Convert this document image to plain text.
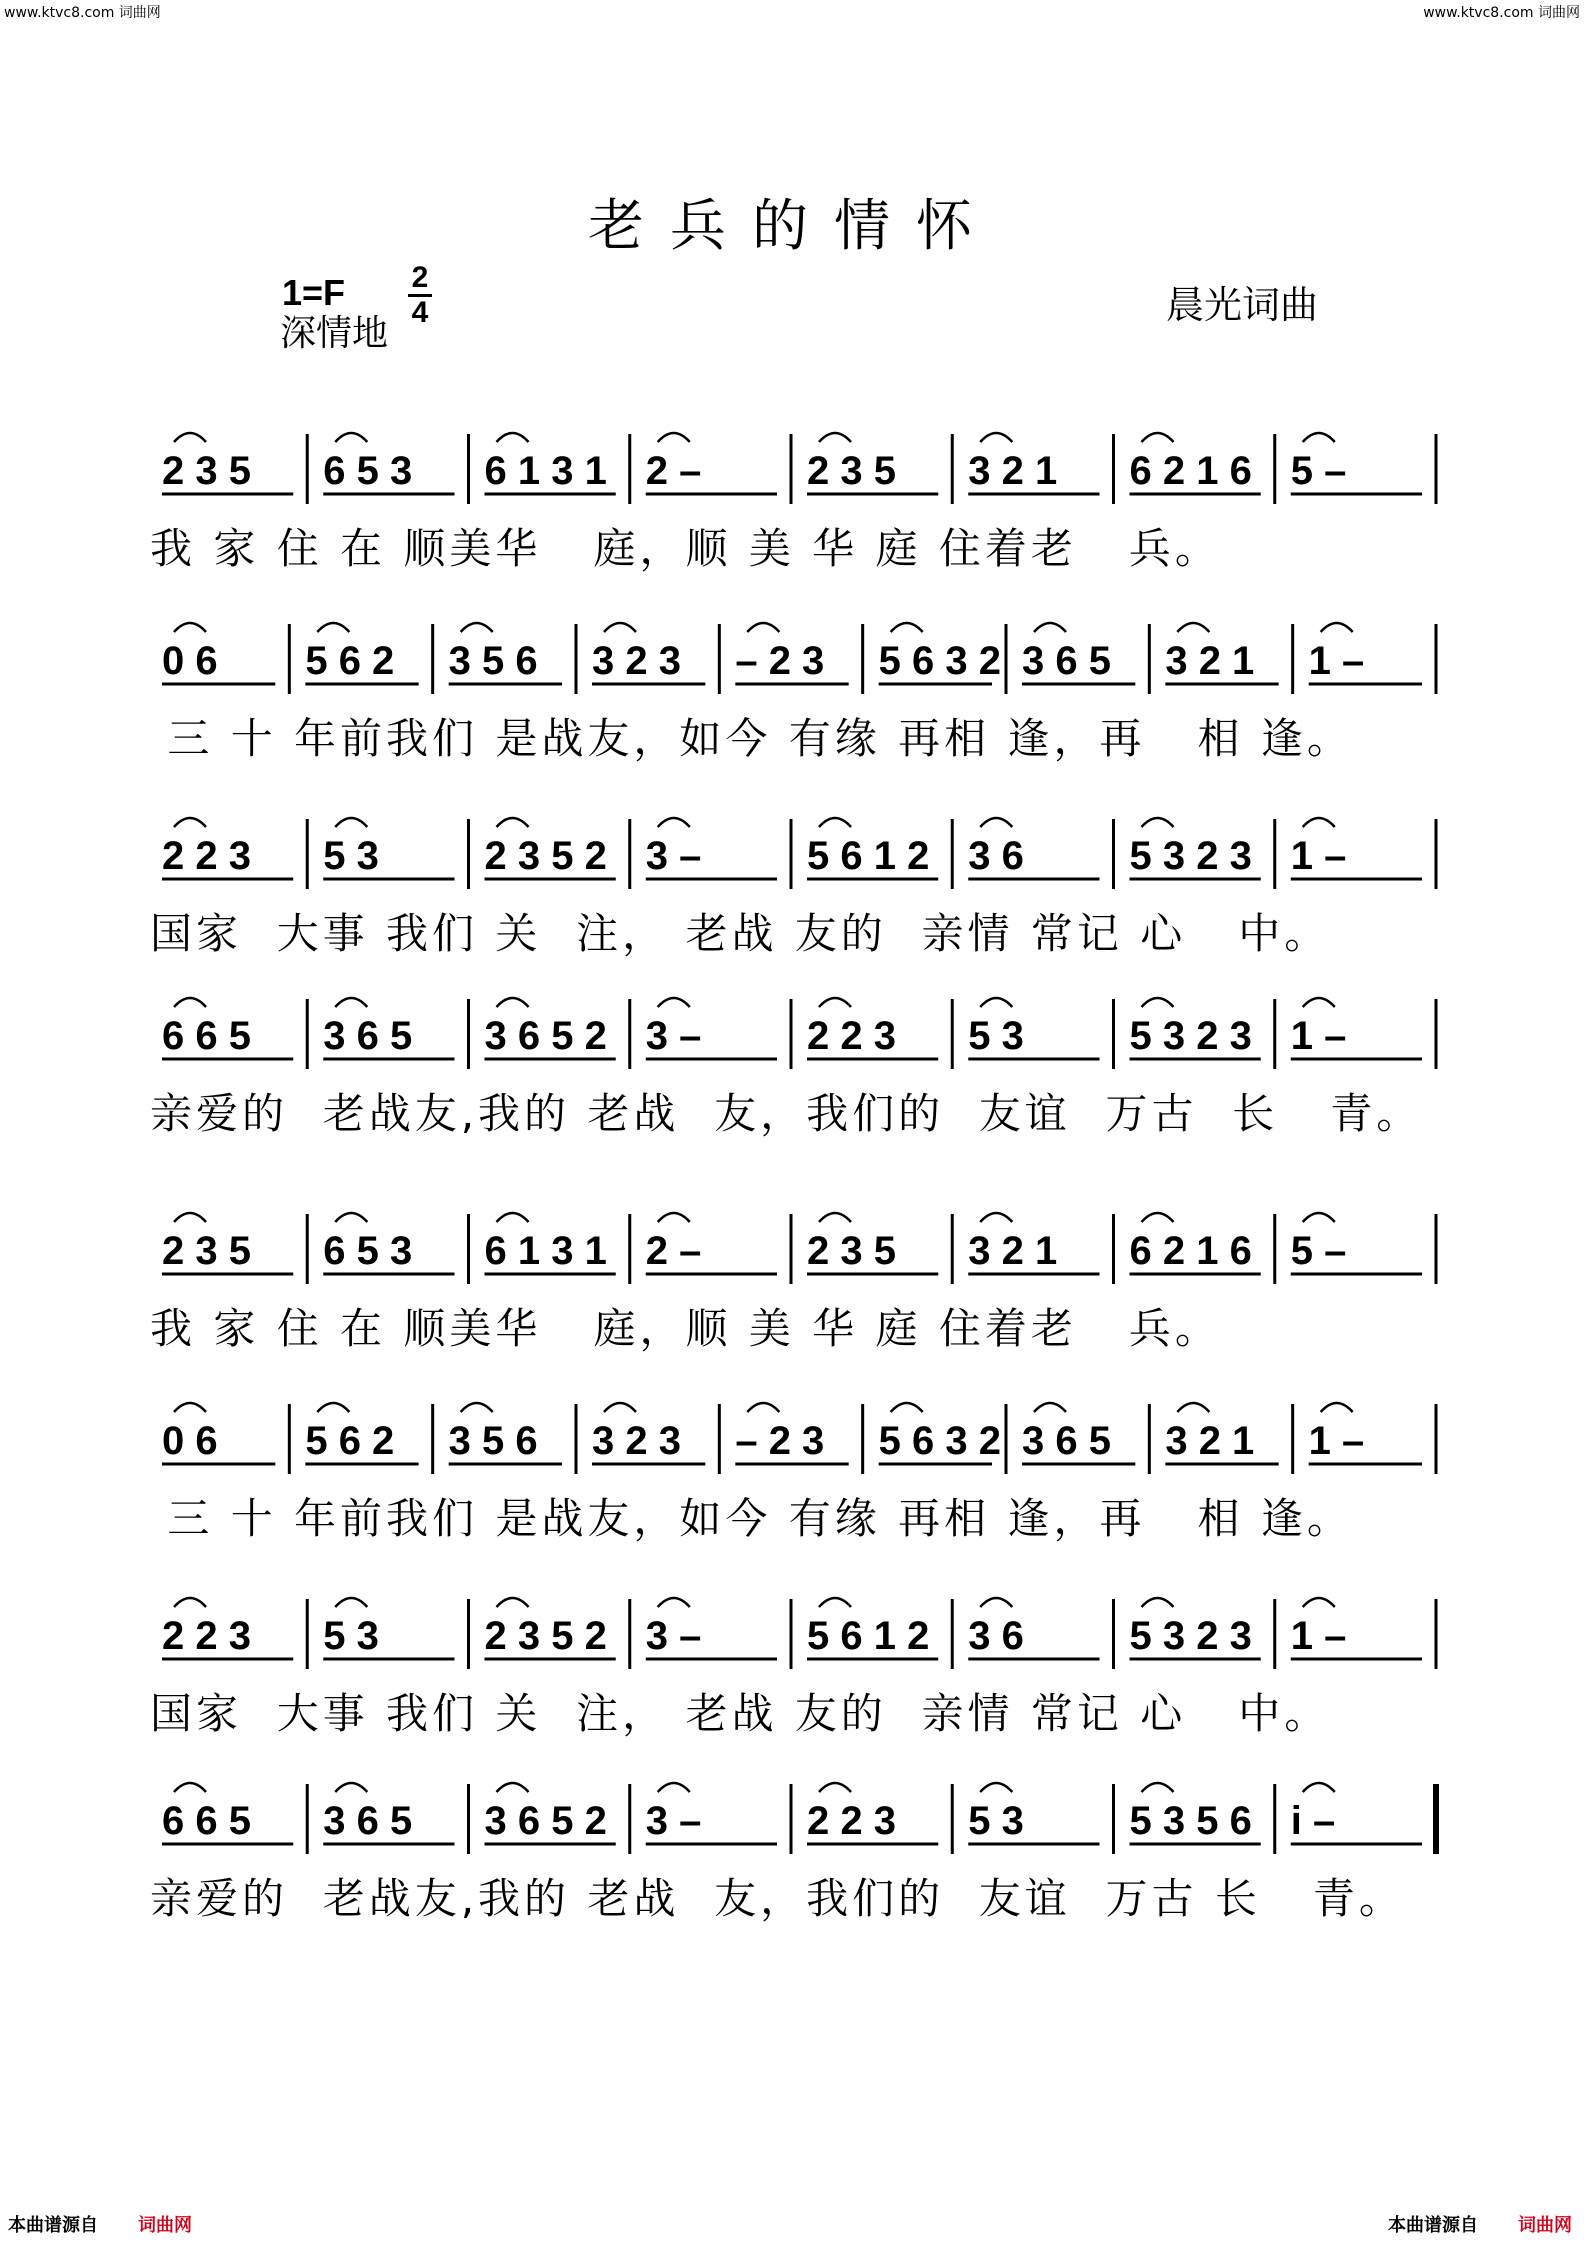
www.ktvc8.com 词曲网	www.ktvc8.com 词曲网
老兵的情怀
1=F 2
4
深情地
晨光词曲
2 3 5 6 5 3 6 1 3 1 2 –	2 3 5 3 2 1 6 2 1 6 5 –
我 家 住 在 顺美华   庭，顺 美 华 庭 住着老   兵。
0 6 5 6 2 3 5 6 3 2 3 – 2 3 5 6 3 2 3 6 5 3 2 1 1 –
三 十 年前我们 是战友，如今 有缘 再相 逢，再   相 逢。
2 2 3 5 3	2 3 5 2 3 –	5 6 1 2 3 6	5 3 2 3 1 –
国家  大事 我们 关  注， 老战 友的  亲情 常记 心   中。
6 6 5 3 6 5 3 6 5 2 3 –	2 2 3 5 3	5 3 2 3 1 –
亲爱的  老战友,我的 老战  友，我们的  友谊  万古  长   青。
2 3 5 6 5 3 6 1 3 1 2 –	2 3 5 3 2 1 6 2 1 6 5 –
我 家 住 在 顺美华   庭，顺 美 华 庭 住着老   兵。
0 6 5 6 2 3 5 6 3 2 3 – 2 3 5 6 3 2 3 6 5 3 2 1 1 –
三 十 年前我们 是战友，如今 有缘 再相 逢，再   相 逢。
2 2 3 5 3	2 3 5 2 3 –	5 6 1 2 3 6	5 3 2 3 1 –
国家  大事 我们 关  注， 老战 友的  亲情 常记 心   中。
6 6 5 3 6 5 3 6 5 2 3 –	2 2 3 5 3	5 3 5 6 i –
亲爱的  老战友,我的 老战  友，我们的  友谊  万古 长   青。
本曲谱源自 词曲网	本曲谱源自 词曲网
